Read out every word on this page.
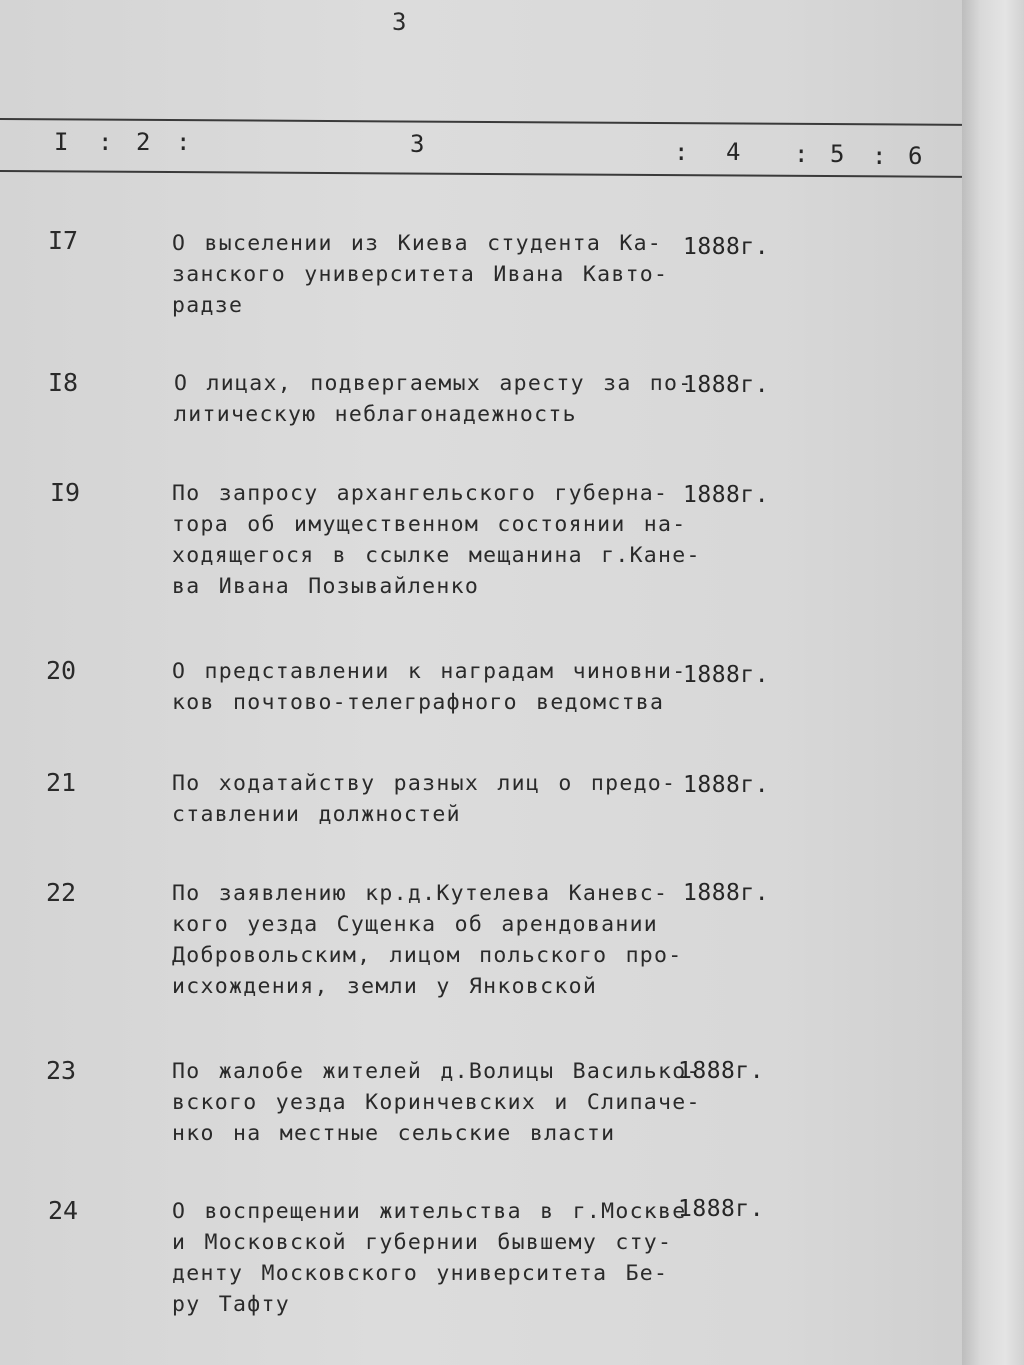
3
I : 2 :	3	: 4 : 5 : 6
I7	О выселении из Киева студента Ка-
занского университета Ивана Кавто-
радзе
1888г.
I8	О лицах, подвергаемых аресту за по-
литическую неблагонадежность
1888г.
I9	По запросу архангельского губерна-
тора об имущественном состоянии на-
ходящегося в ссылке мещанина г.Кане-
ва Ивана Позывайленко
1888г.
20	О представлении к наградам чиновни-
ков почтово-телеграфного ведомства
1888г.
21	По ходатайству разных лиц о предо-
ставлении должностей
1888г.
22	По заявлению кр.д.Кутелева Каневс-
кого уезда Сущенка об арендовании
Добровольским, лицом польского про-
исхождения, земли у Янковской
1888г.
23	По жалобе жителей д.Волицы Василько-
вского уезда Коринчевских и Слипаче-
нко на местные сельские власти
1888г.
24	О воспрещении жительства в г.Москве
и Московской губернии бывшему сту-
денту Московского университета Бе-
ру Тафту
1888г.
